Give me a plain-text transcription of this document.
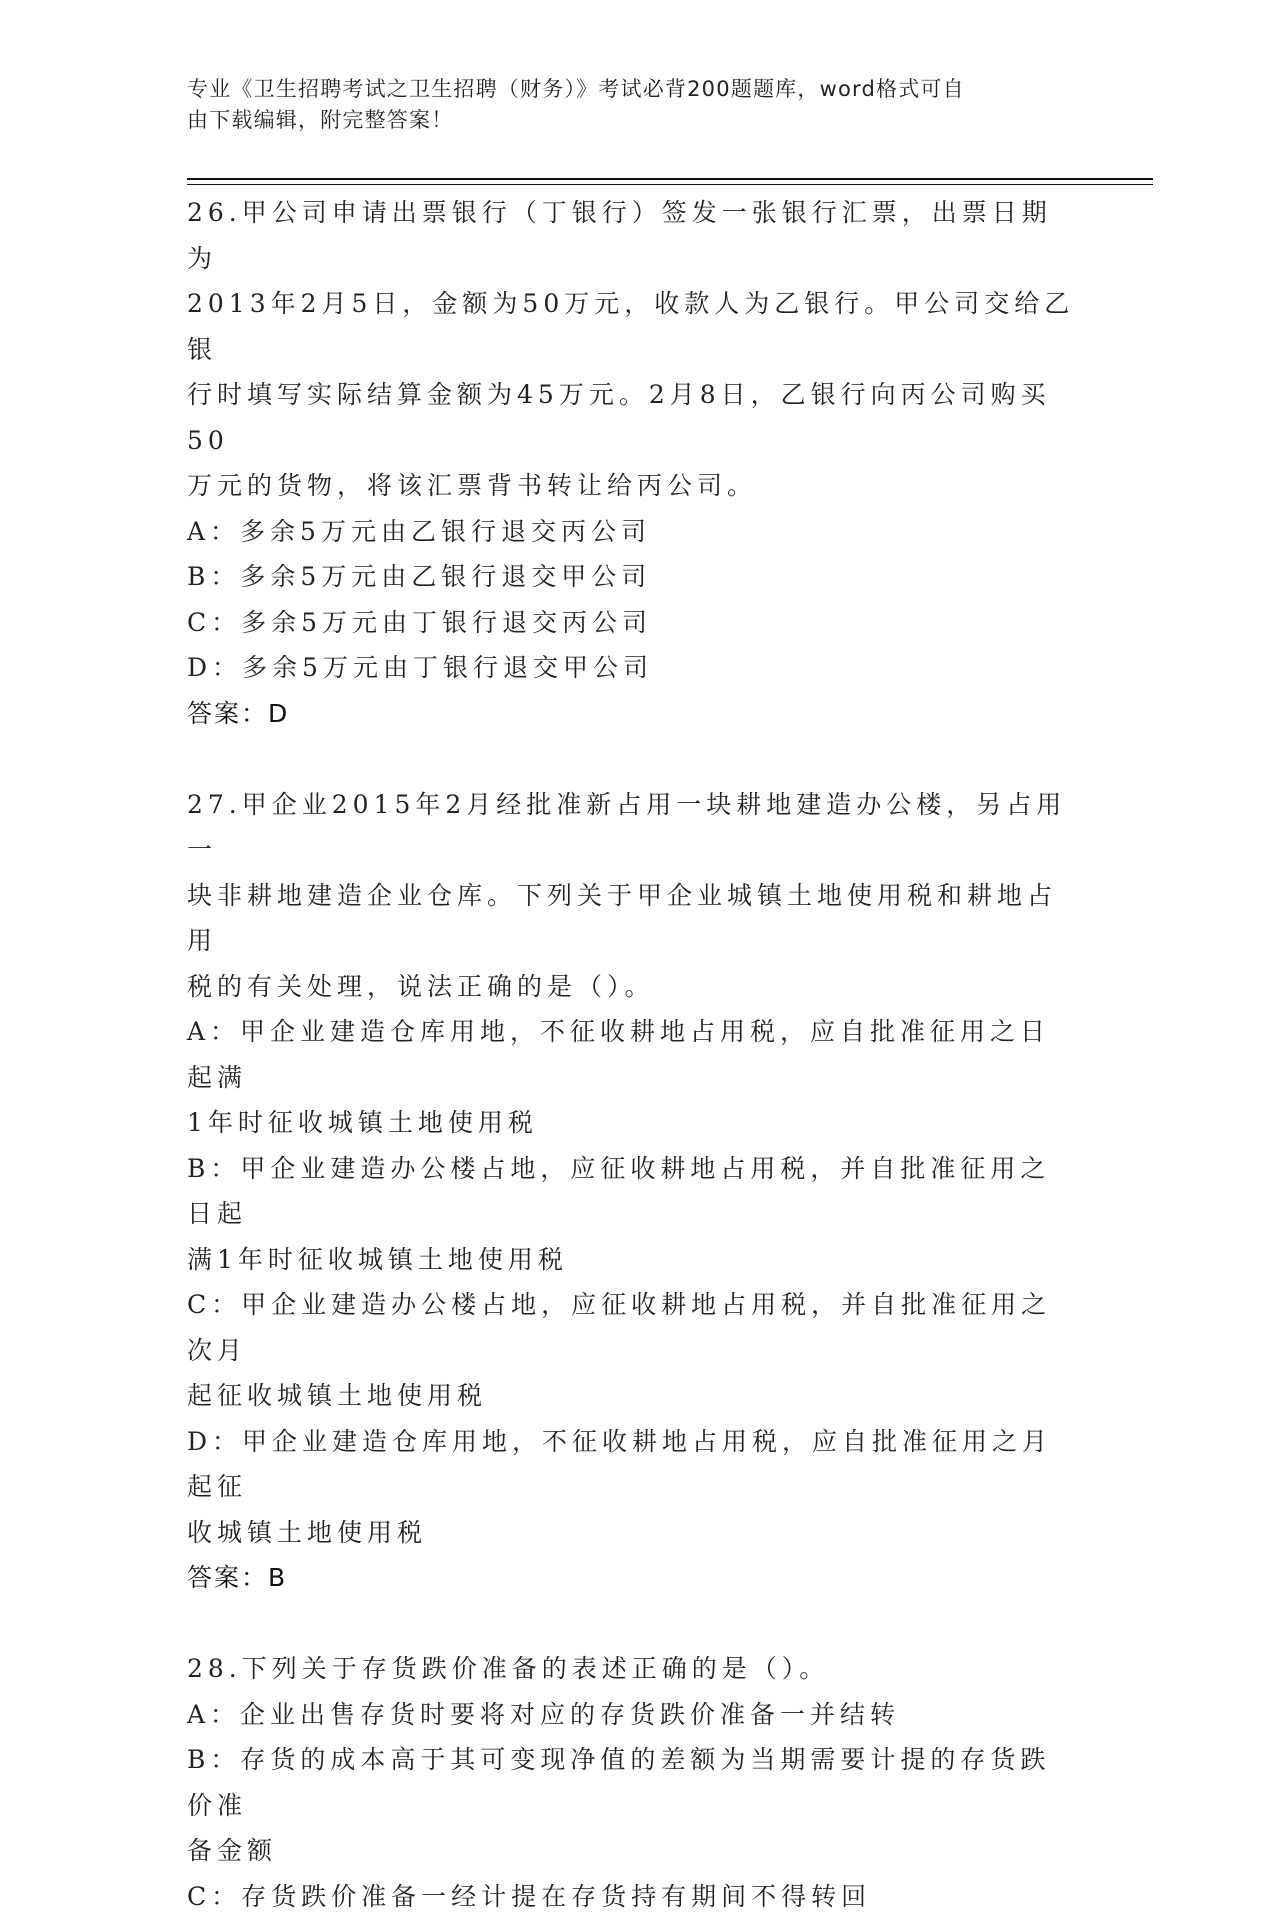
专业《卫生招聘考试之卫生招聘（财务）》考试必背200题题库，word格式可自
由下载编辑，附完整答案！
26.甲公司申请出票银行（丁银行）签发一张银行汇票，出票日期为
2013年2月5日，金额为50万元，收款人为乙银行。甲公司交给乙银
行时填写实际结算金额为45万元。2月8日，乙银行向丙公司购买50
万元的货物，将该汇票背书转让给丙公司。
A：多余5万元由乙银行退交丙公司
B：多余5万元由乙银行退交甲公司
C：多余5万元由丁银行退交丙公司
D：多余5万元由丁银行退交甲公司
答案：D
27.甲企业2015年2月经批准新占用一块耕地建造办公楼，另占用一
块非耕地建造企业仓库。下列关于甲企业城镇土地使用税和耕地占用
税的有关处理，说法正确的是（）。
A：甲企业建造仓库用地，不征收耕地占用税，应自批准征用之日起满
1年时征收城镇土地使用税
B：甲企业建造办公楼占地，应征收耕地占用税，并自批准征用之日起
满1年时征收城镇土地使用税
C：甲企业建造办公楼占地，应征收耕地占用税，并自批准征用之次月
起征收城镇土地使用税
D：甲企业建造仓库用地，不征收耕地占用税，应自批准征用之月起征
收城镇土地使用税
答案：B
28.下列关于存货跌价准备的表述正确的是（）。
A：企业出售存货时要将对应的存货跌价准备一并结转
B：存货的成本高于其可变现净值的差额为当期需要计提的存货跌价准
备金额
C：存货跌价准备一经计提在存货持有期间不得转回
